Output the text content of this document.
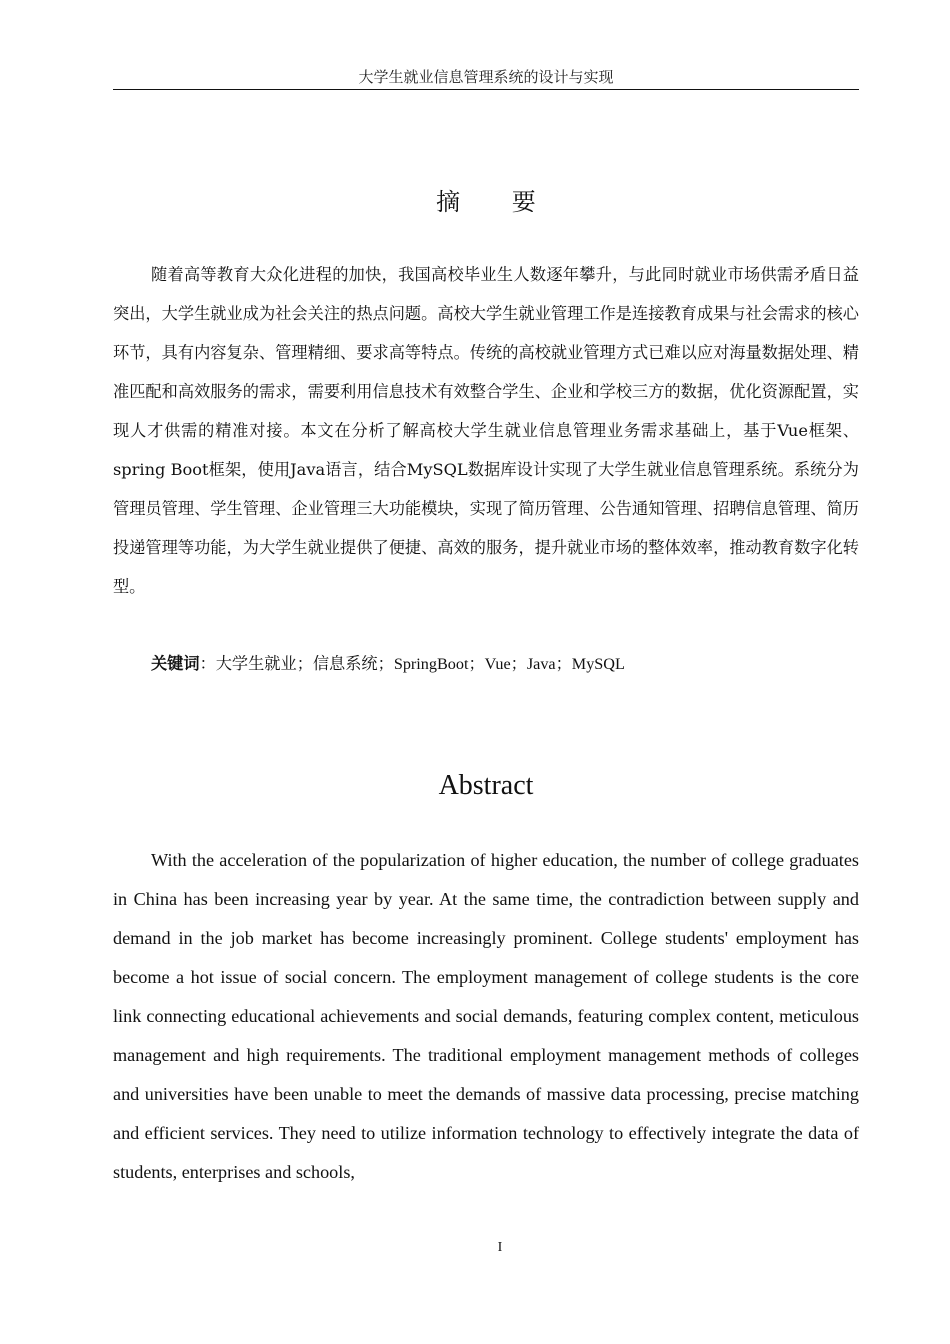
大学生就业信息管理系统的设计与实现
摘 要

随着高等教育大众化进程的加快，我国高校毕业生人数逐年攀升，与此同时就业市场供需矛盾日益突出，大学生就业成为社会关注的热点问题。高校大学生就业管理工作是连接教育成果与社会需求的核心环节，具有内容复杂、管理精细、要求高等特点。传统的高校就业管理方式已难以应对海量数据处理、精准匹配和高效服务的需求，需要利用信息技术有效整合学生、企业和学校三方的数据，优化资源配置，实现人才供需的精准对接。本文在分析了解高校大学生就业信息管理业务需求基础上，基于Vue框架、spring Boot框架，使用Java语言，结合MySQL数据库设计实现了大学生就业信息管理系统。系统分为管理员管理、学生管理、企业管理三大功能模块，实现了简历管理、公告通知管理、招聘信息管理、简历投递管理等功能，为大学生就业提供了便捷、高效的服务，提升就业市场的整体效率，推动教育数字化转型。

关键词：大学生就业；信息系统；SpringBoot；Vue；Java；MySQL

Abstract

With the acceleration of the popularization of higher education, the number of college graduates in China has been increasing year by year. At the same time, the contradiction between supply and demand in the job market has become increasingly prominent. College students' employment has become a hot issue of social concern. The employment management of college students is the core link connecting educational achievements and social demands, featuring complex content, meticulous management and high requirements. The traditional employment management methods of colleges and universities have been unable to meet the demands of massive data processing, precise matching and efficient services. They need to utilize information technology to effectively integrate the data of students, enterprises and schools,

I
